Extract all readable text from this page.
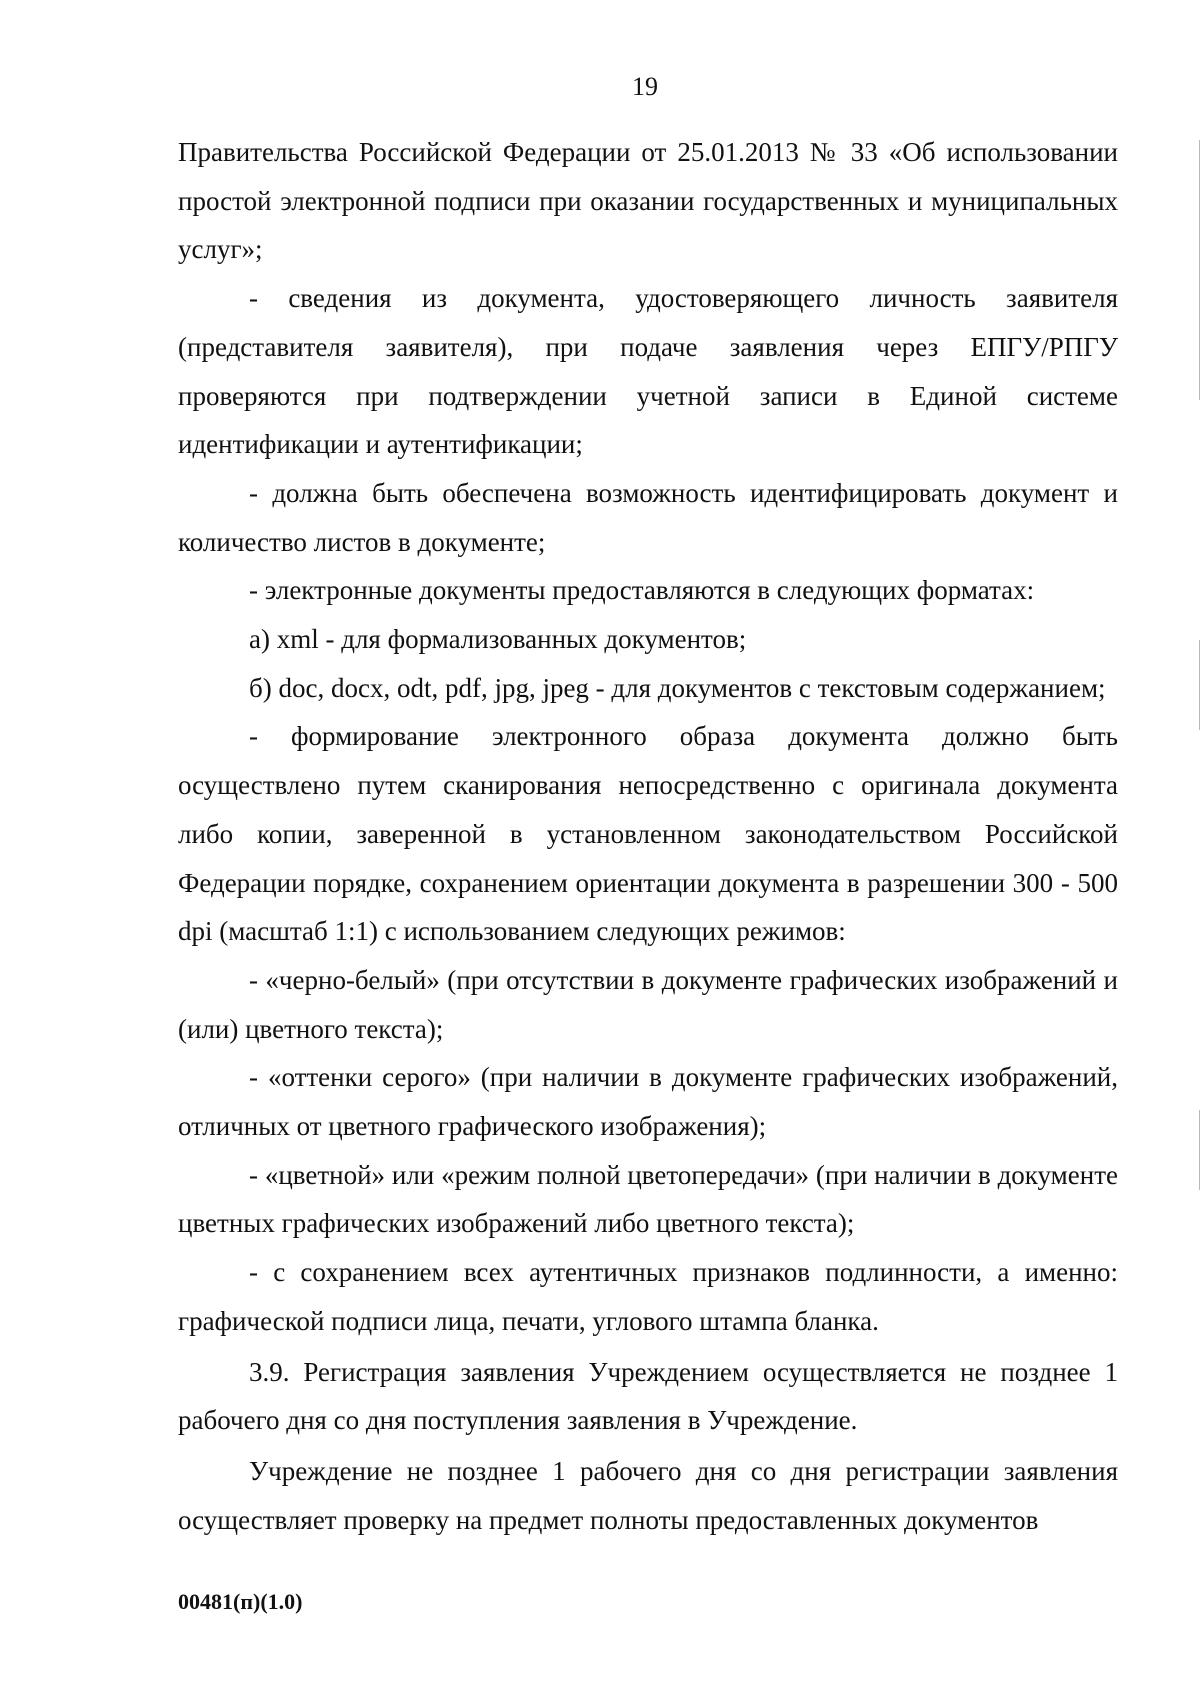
19

Правительства Российской Федерации от 25.01.2013 № 33 «Об использовании простой электронной подписи при оказании государственных и муниципальных услуг»;

- сведения из документа, удостоверяющего личность заявителя (представителя заявителя), при подаче заявления через ЕПГУ/РПГУ проверяются при подтверждении учетной записи в Единой системе идентификации и аутентификации;

- должна быть обеспечена возможность идентифицировать документ и количество листов в документе;

- электронные документы предоставляются в следующих форматах:

а) xml - для формализованных документов;

б) doc, docx, odt, pdf, jpg, jpeg - для документов с текстовым содержанием;

- формирование электронного образа документа должно быть осуществлено путем сканирования непосредственно с оригинала документа либо копии, заверенной в установленном законодательством Российской Федерации порядке, сохранением ориентации документа в разрешении 300 - 500 dpi (масштаб 1:1) с использованием следующих режимов:

- «черно-белый» (при отсутствии в документе графических изображений и (или) цветного текста);

- «оттенки серого» (при наличии в документе графических изображений, отличных от цветного графического изображения);

- «цветной» или «режим полной цветопередачи» (при наличии в документе цветных графических изображений либо цветного текста);

- с сохранением всех аутентичных признаков подлинности, а именно: графической подписи лица, печати, углового штампа бланка.

3.9. Регистрация заявления Учреждением осуществляется не позднее 1 рабочего дня со дня поступления заявления в Учреждение.

Учреждение не позднее 1 рабочего дня со дня регистрации заявления осуществляет проверку на предмет полноты предоставленных документов

00481(п)(1.0)
